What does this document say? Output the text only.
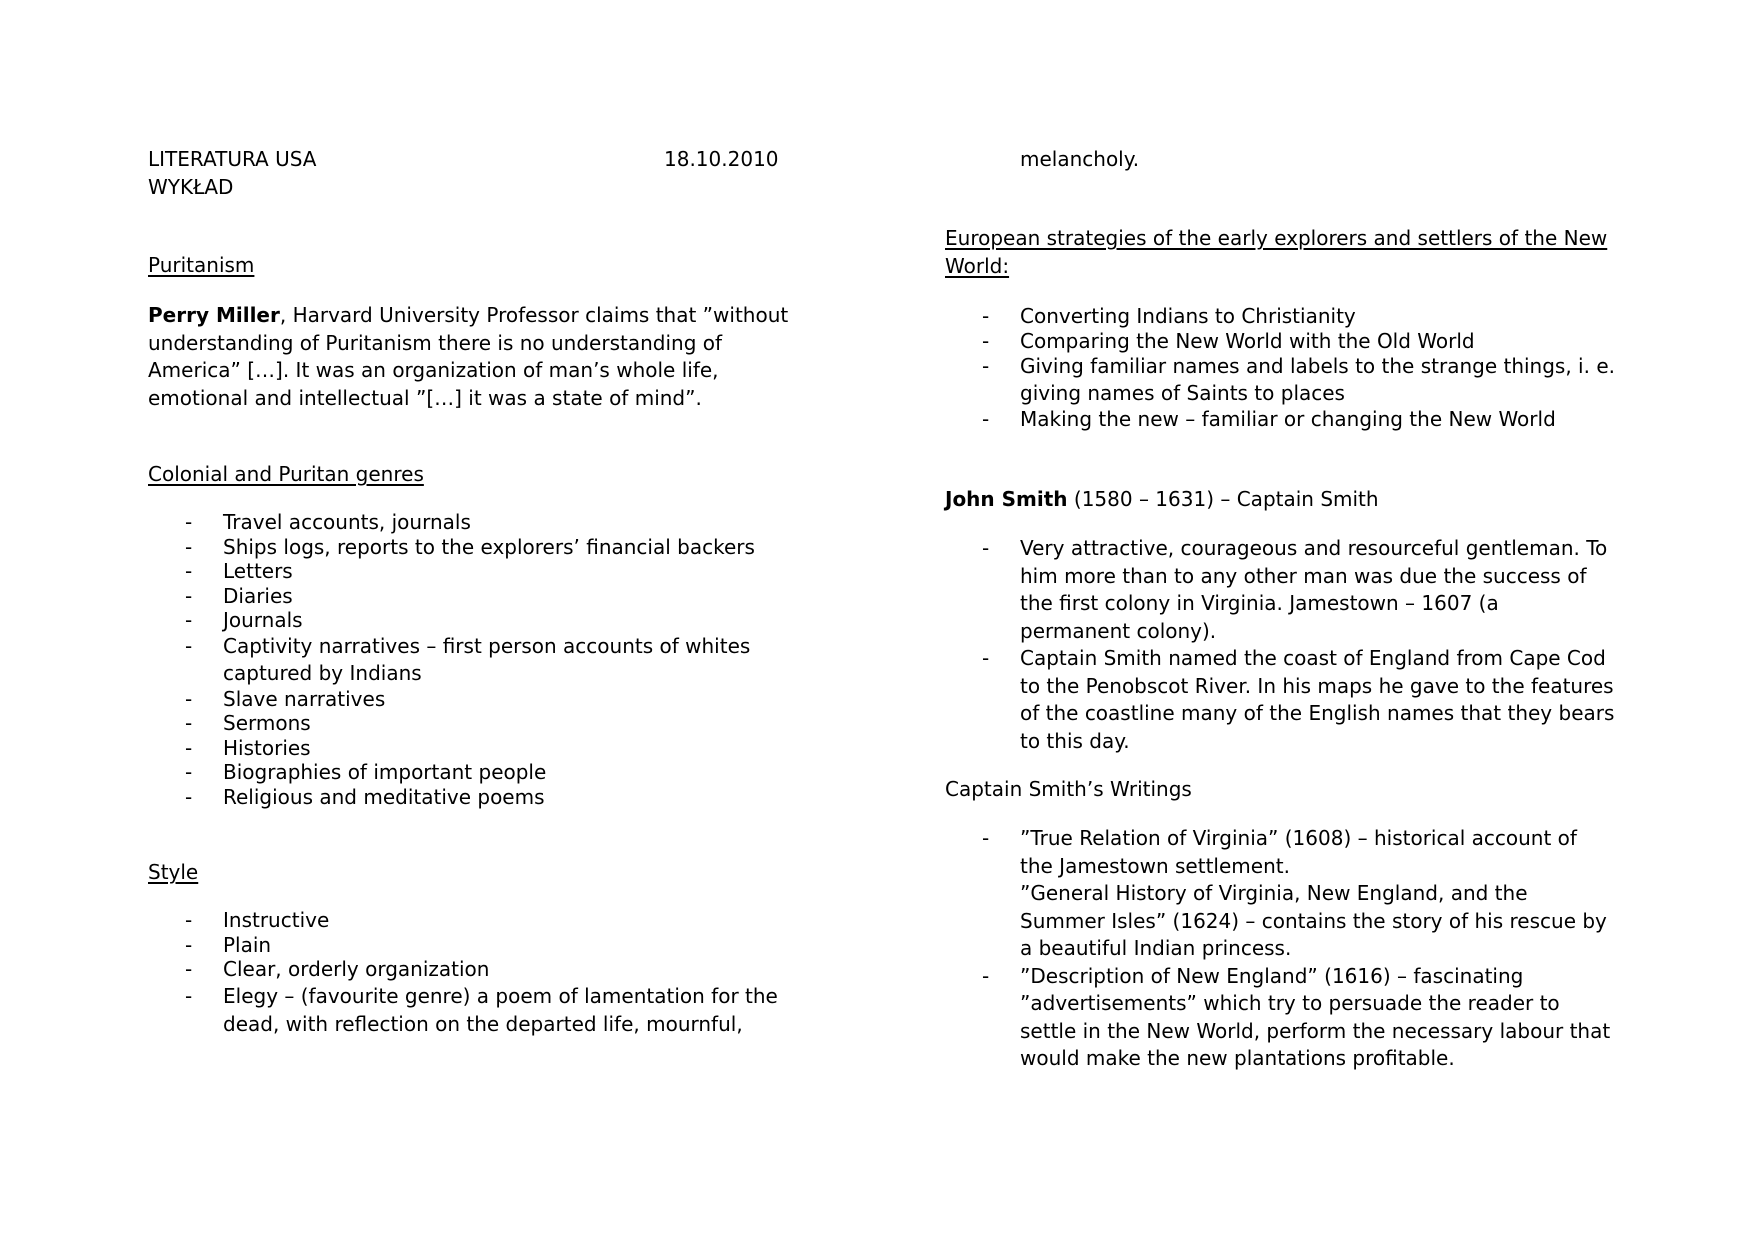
LITERATURA USA
WYKŁAD
18.10.2010

Puritanism

Perry Miller, Harvard University Professor claims that ”without understanding of Puritanism there is no understanding of America” […]. It was an organization of man’s whole life, emotional and intellectual ”[…] it was a state of mind”.

Colonial and Puritan genres

- Travel accounts, journals
- Ships logs, reports to the explorers’ financial backers
- Letters
- Diaries
- Journals
- Captivity narratives – first person accounts of whites captured by Indians
- Slave narratives
- Sermons
- Histories
- Biographies of important people
- Religious and meditative poems

Style

- Instructive
- Plain
- Clear, orderly organization
- Elegy – (favourite genre) a poem of lamentation for the dead, with reflection on the departed life, mournful,

melancholy.

European strategies of the early explorers and settlers of the New World:

- Converting Indians to Christianity
- Comparing the New World with the Old World
- Giving familiar names and labels to the strange things, i. e. giving names of Saints to places
- Making the new – familiar or changing the New World

John Smith (1580 – 1631) – Captain Smith

- Very attractive, courageous and resourceful gentleman. To him more than to any other man was due the success of the first colony in Virginia. Jamestown – 1607 (a permanent colony).
- Captain Smith named the coast of England from Cape Cod to the Penobscot River. In his maps he gave to the features of the coastline many of the English names that they bears to this day.

Captain Smith’s Writings

- ”True Relation of Virginia” (1608) – historical account of the Jamestown settlement.
”General History of Virginia, New England, and the Summer Isles” (1624) – contains the story of his rescue by a beautiful Indian princess.
- ”Description of New England” (1616) – fascinating ”advertisements” which try to persuade the reader to settle in the New World, perform the necessary labour that would make the new plantations profitable.
